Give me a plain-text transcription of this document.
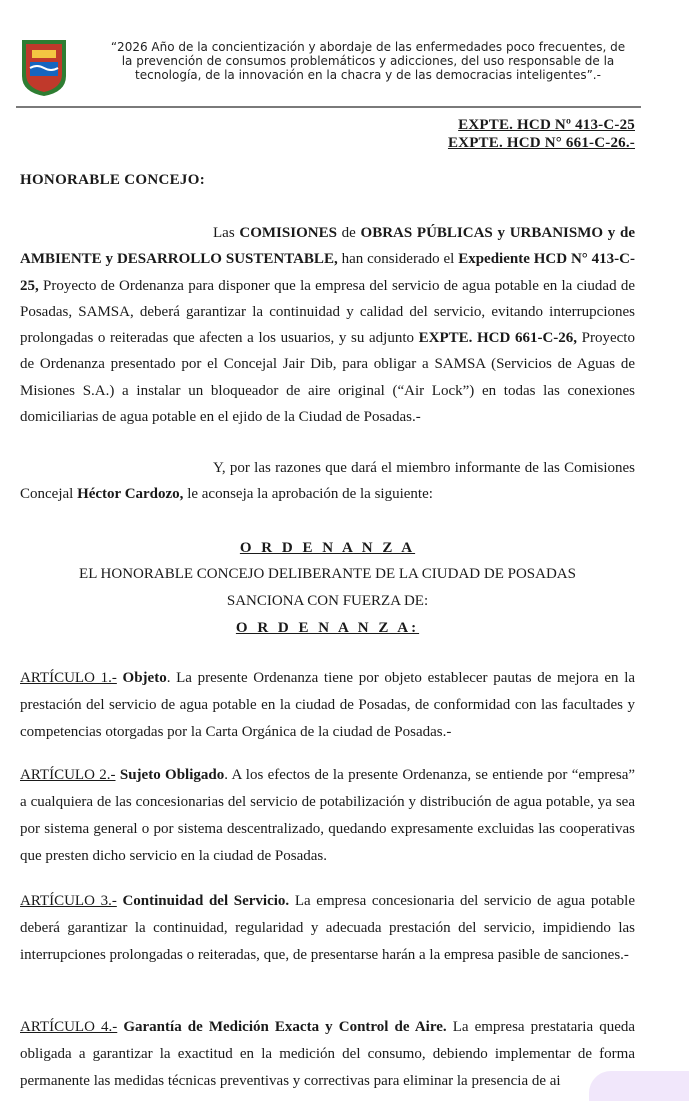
“2026 Año de la concientización y abordaje de las enfermedades poco frecuentes, de
la prevención de consumos problemáticos y adicciones, del uso responsable de la
tecnología, de la innovación en la chacra y de las democracias inteligentes”.-
EXPTE. HCD Nº 413-C-25
EXPTE. HCD N° 661-C-26.-
HONORABLE CONCEJO:

Las COMISIONES de OBRAS PÚBLICAS y URBANISMO y de AMBIENTE y DESARROLLO SUSTENTABLE, han considerado el Expediente HCD N° 413-C-25, Proyecto de Ordenanza para disponer que la empresa del servicio de agua potable en la ciudad de Posadas, SAMSA, deberá garantizar la continuidad y calidad del servicio, evitando interrupciones prolongadas o reiteradas que afecten a los usuarios, y su adjunto EXPTE. HCD 661-C-26, Proyecto de Ordenanza presentado por el Concejal Jair Dib, para obligar a SAMSA (Servicios de Aguas de Misiones S.A.) a instalar un bloqueador de aire original (“Air Lock”) en todas las conexiones domiciliarias de agua potable en el ejido de la Ciudad de Posadas.-

Y, por las razones que dará el miembro informante de las Comisiones Concejal Héctor Cardozo, le aconseja la aprobación de la siguiente:

O R D E N A N Z A
EL HONORABLE CONCEJO DELIBERANTE DE LA CIUDAD DE POSADAS
SANCIONA CON FUERZA DE:
O R D E N A N Z A:

ARTÍCULO 1.- Objeto. La presente Ordenanza tiene por objeto establecer pautas de mejora en la prestación del servicio de agua potable en la ciudad de Posadas, de conformidad con las facultades y competencias otorgadas por la Carta Orgánica de la ciudad de Posadas.-

ARTÍCULO 2.- Sujeto Obligado. A los efectos de la presente Ordenanza, se entiende por “empresa” a cualquiera de las concesionarias del servicio de potabilización y distribución de agua potable, ya sea por sistema general o por sistema descentralizado, quedando expresamente excluidas las cooperativas que presten dicho servicio en la ciudad de Posadas.

ARTÍCULO 3.- Continuidad del Servicio. La empresa concesionaria del servicio de agua potable deberá garantizar la continuidad, regularidad y adecuada prestación del servicio, impidiendo las interrupciones prolongadas o reiteradas, que, de presentarse harán a la empresa pasible de sanciones.-

ARTÍCULO 4.- Garantía de Medición Exacta y Control de Aire. La empresa prestataria queda obligada a garantizar la exactitud en la medición del consumo, debiendo implementar de forma permanente las medidas técnicas preventivas y correctivas para eliminar la presencia de ai
